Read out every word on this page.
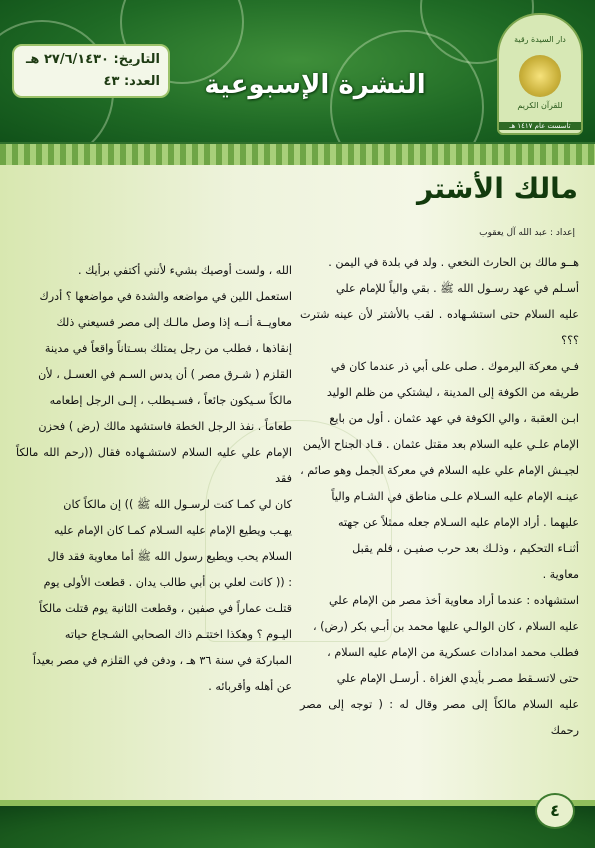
التاريخ: ٢٧/٦/١٤٣٠ هـ
العدد: ٤٣	النشرة الإسبوعية
دار السيدة رقية
للقرآن الكريم
تأسست عام ١٤١٧ هـ
مالك الأشتر
إعداد : عبد الله آل يعقوب
هــو مالك بن الحارث النخعي . ولد في بلدة في اليمن .
أسـلم في عهد رسـول الله ﷺ . بقي والياً للإمام علي
عليه السلام حتى استشـهاده . لقب بالأشتر لأن عينه شترت ؟؟؟
فـي معركة اليرموك . صلى على أبي ذر عندما كان في
طريقه من الكوفة إلى المدينة ، ليشتكي من ظلم الوليد
ابـن العقبة ، والي الكوفة في عهد عثمان . أول من بايع
الإمام علـي عليه السلام بعد مقتل عثمان . قـاد الجناح الأيمن
لجيـش الإمام علي عليه السلام في معركة الجمل وهو صائم ،
عينـه الإمام عليه السـلام علـى مناطق في الشـام والياً
عليهما . أراد الإمام عليه السـلام جعله ممثلاً عن جهته
أثنـاء التحكيم ، وذلـك بعد حرب صفيـن ، فلم يقبل
معاوية .
استشهاده : عندما أراد معاوية أخذ مصر من الإمام علي
عليه السلام ، كان الوالـي عليها محمد بن أبـي بكر (رض) ،
فطلب محمد امدادات عسكرية من الإمام عليه السلام ،
حتى لاتسـقط مصـر بأيدي الغزاة . أرسـل الإمام علي
عليه السلام مالكاً إلى مصر وقال له : ( توجه إلى مصر رحمك
الله ، ولست أوصيك بشيء لأنني أكتفي برأيك .
استعمل اللين في مواضعه والشدة في مواضعها ؟ أدرك
معاويــة أنــه إذا وصل مالـك إلى مصر فسيعني ذلك
إنقاذها ، فطلب من رجل يمتلك بسـتاناً واقعاً في مدينة
القلزم ( شـرق مصر ) أن يدس السـم في العسـل ، لأن
مالكاً سـيكون جائعاً ، فسـيطلب ، إلـى الرجل إطعامه
طعاماً . نفذ الرجل الخطة فاستشهد مالك (رض ) فحزن
الإمام علي عليه السلام لاستشـهاده فقال ((رحم الله مالكاً فقد
كان لي كمـا كنت لرسـول الله ﷺ )) إن مالكاً كان
يهـب ويطيع الإمام عليه السـلام كمـا كان الإمام عليه
السلام يحب ويطيع رسول الله ﷺ أما معاوية فقد قال
: (( كانت لعلي بن أبي طالب يدان . قطعت الأولى يوم
قتلـت عماراً في صفين ، وقطعت الثانية يوم قتلت مالكاً
اليـوم ؟ وهكذا اختتـم ذاك الصحابي الشـجاع حياته
المباركة في سنة ٣٦ هـ ، ودفن في القلزم في مصر بعيداً
عن أهله وأقربائه .
٤
